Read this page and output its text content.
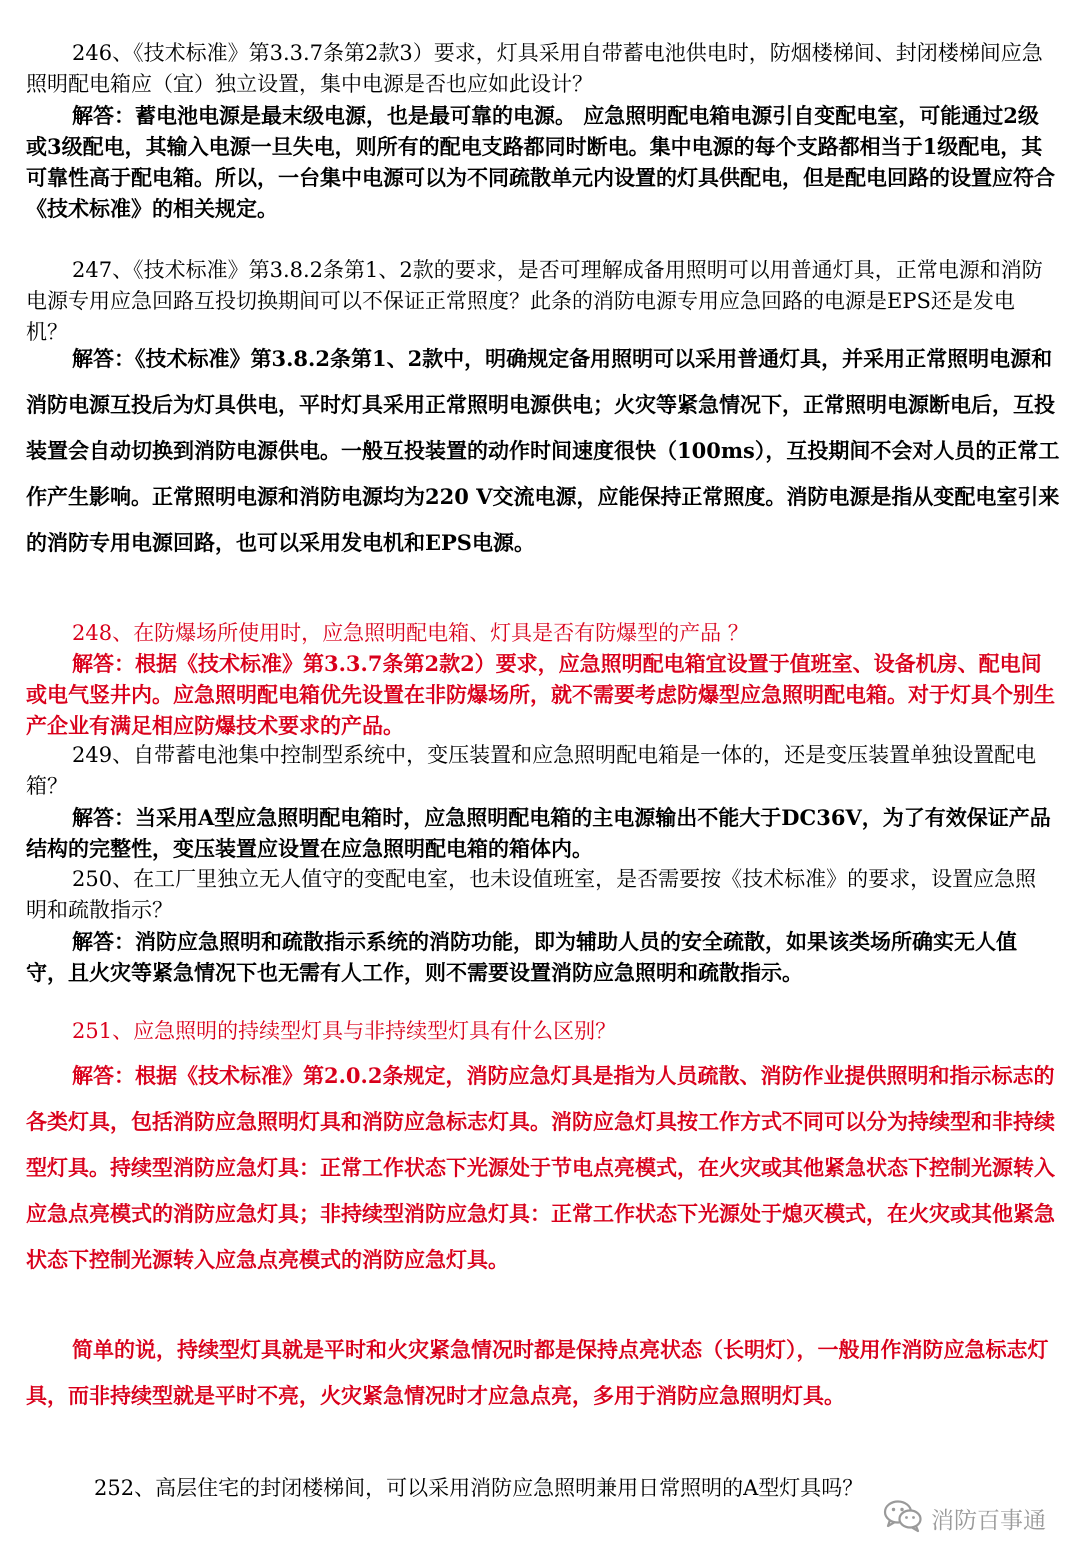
246、《技术标准》第3.3.7条第2款3）要求，灯具采用自带蓄电池供电时，防烟楼梯间、封闭楼梯间应急照明配电箱应（宜）独立设置，集中电源是否也应如此设计？

解答：蓄电池电源是最末级电源，也是最可靠的电源。 应急照明配电箱电源引自变配电室，可能通过2级或3级配电，其输入电源一旦失电，则所有的配电支路都同时断电。集中电源的每个支路都相当于1级配电，其可靠性高于配电箱。所以，一台集中电源可以为不同疏散单元内设置的灯具供配电，但是配电回路的设置应符合《技术标准》的相关规定。

247、《技术标准》第3.8.2条第1、2款的要求，是否可理解成备用照明可以用普通灯具，正常电源和消防电源专用应急回路互投切换期间可以不保证正常照度？此条的消防电源专用应急回路的电源是EPS还是发电机？

解答：《技术标准》第3.8.2条第1、2款中，明确规定备用照明可以采用普通灯具，并采用正常照明电源和消防电源互投后为灯具供电，平时灯具采用正常照明电源供电；火灾等紧急情况下，正常照明电源断电后，互投装置会自动切换到消防电源供电。一般互投装置的动作时间速度很快（100ms），互投期间不会对人员的正常工作产生影响。正常照明电源和消防电源均为220 V交流电源，应能保持正常照度。消防电源是指从变配电室引来的消防专用电源回路，也可以采用发电机和EPS电源。

248、在防爆场所使用时，应急照明配电箱、灯具是否有防爆型的产品 ？

解答：根据《技术标准》第3.3.7条第2款2）要求，应急照明配电箱宜设置于值班室、设备机房、配电间或电气竖井内。应急照明配电箱优先设置在非防爆场所，就不需要考虑防爆型应急照明配电箱。对于灯具个别生产企业有满足相应防爆技术要求的产品。

249、自带蓄电池集中控制型系统中，变压装置和应急照明配电箱是一体的，还是变压装置单独设置配电箱？

解答：当采用A型应急照明配电箱时，应急照明配电箱的主电源输出不能大于DC36V，为了有效保证产品结构的完整性，变压装置应设置在应急照明配电箱的箱体内。

250、在工厂里独立无人值守的变配电室，也未设值班室，是否需要按《技术标准》的要求，设置应急照明和疏散指示？

解答：消防应急照明和疏散指示系统的消防功能，即为辅助人员的安全疏散，如果该类场所确实无人值守，且火灾等紧急情况下也无需有人工作，则不需要设置消防应急照明和疏散指示。

251、应急照明的持续型灯具与非持续型灯具有什么区别？

解答：根据《技术标准》第2.0.2条规定，消防应急灯具是指为人员疏散、消防作业提供照明和指示标志的各类灯具，包括消防应急照明灯具和消防应急标志灯具。消防应急灯具按工作方式不同可以分为持续型和非持续型灯具。持续型消防应急灯具：正常工作状态下光源处于节电点亮模式，在火灾或其他紧急状态下控制光源转入应急点亮模式的消防应急灯具；非持续型消防应急灯具：正常工作状态下光源处于熄灭模式，在火灾或其他紧急状态下控制光源转入应急点亮模式的消防应急灯具。

简单的说，持续型灯具就是平时和火灾紧急情况时都是保持点亮状态（长明灯），一般用作消防应急标志灯具，而非持续型就是平时不亮，火灾紧急情况时才应急点亮，多用于消防应急照明灯具。

252、高层住宅的封闭楼梯间，可以采用消防应急照明兼用日常照明的A型灯具吗？

消防百事通
